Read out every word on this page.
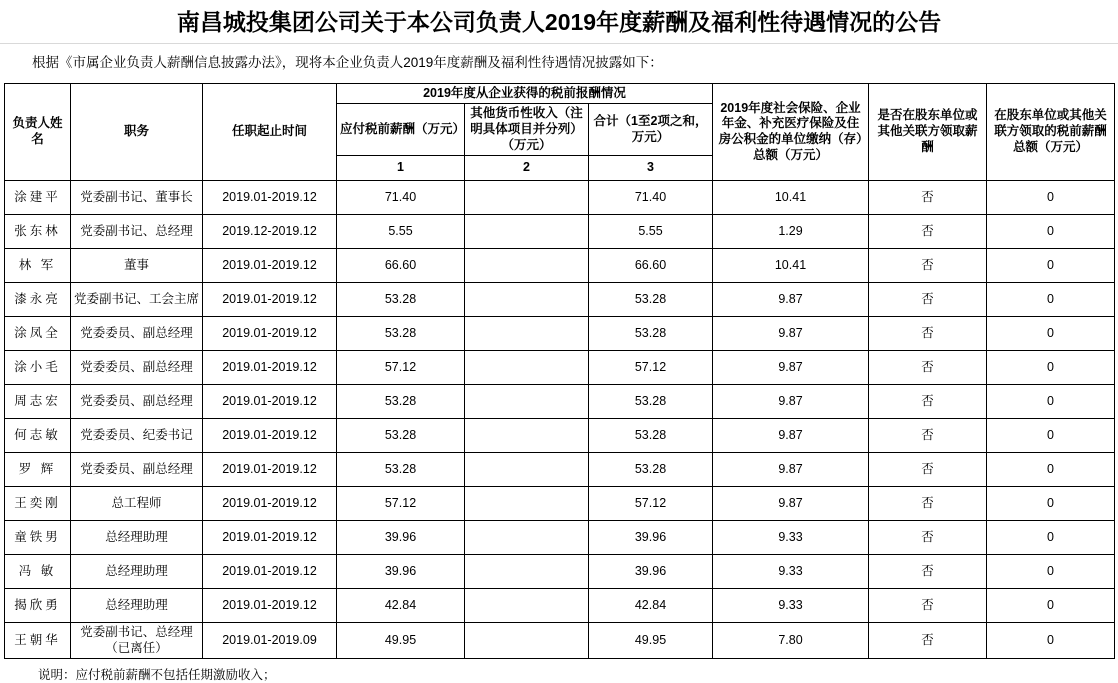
南昌城投集团公司关于本公司负责人2019年度薪酬及福利性待遇情况的公告
根据《市属企业负责人薪酬信息披露办法》，现将本企业负责人2019年度薪酬及福利性待遇情况披露如下：
负责人姓名	职务	任职起止时间	2019年度从企业获得的税前报酬情况			2019年度社会保险、企业年金、补充医疗保险及住房公积金的单位缴纳（存）总额（万元）	是否在股东单位或其他关联方领取薪酬	在股东单位或其他关联方领取的税前薪酬总额（万元）
			应付税前薪酬（万元）	其他货币性收入（注明具体项目并分列）（万元）	合计（1至2项之和，万元）			
			1	2	3			
涂建平	党委副书记、董事长	2019.01-2019.12	71.40		71.40	10.41	否	0
张东林	党委副书记、总经理	2019.12-2019.12	5.55		5.55	1.29	否	0
林 军	董事	2019.01-2019.12	66.60		66.60	10.41	否	0
漆永亮	党委副书记、工会主席	2019.01-2019.12	53.28		53.28	9.87	否	0
涂凤全	党委委员、副总经理	2019.01-2019.12	53.28		53.28	9.87	否	0
涂小毛	党委委员、副总经理	2019.01-2019.12	57.12		57.12	9.87	否	0
周志宏	党委委员、副总经理	2019.01-2019.12	53.28		53.28	9.87	否	0
何志敏	党委委员、纪委书记	2019.01-2019.12	53.28		53.28	9.87	否	0
罗 辉	党委委员、副总经理	2019.01-2019.12	53.28		53.28	9.87	否	0
王奕刚	总工程师	2019.01-2019.12	57.12		57.12	9.87	否	0
童铁男	总经理助理	2019.01-2019.12	39.96		39.96	9.33	否	0
冯 敏	总经理助理	2019.01-2019.12	39.96		39.96	9.33	否	0
揭欣勇	总经理助理	2019.01-2019.12	42.84		42.84	9.33	否	0
王朝华	党委副书记、总经理（已离任）	2019.01-2019.09	49.95		49.95	7.80	否	0
说明：应付税前薪酬不包括任期激励收入；
